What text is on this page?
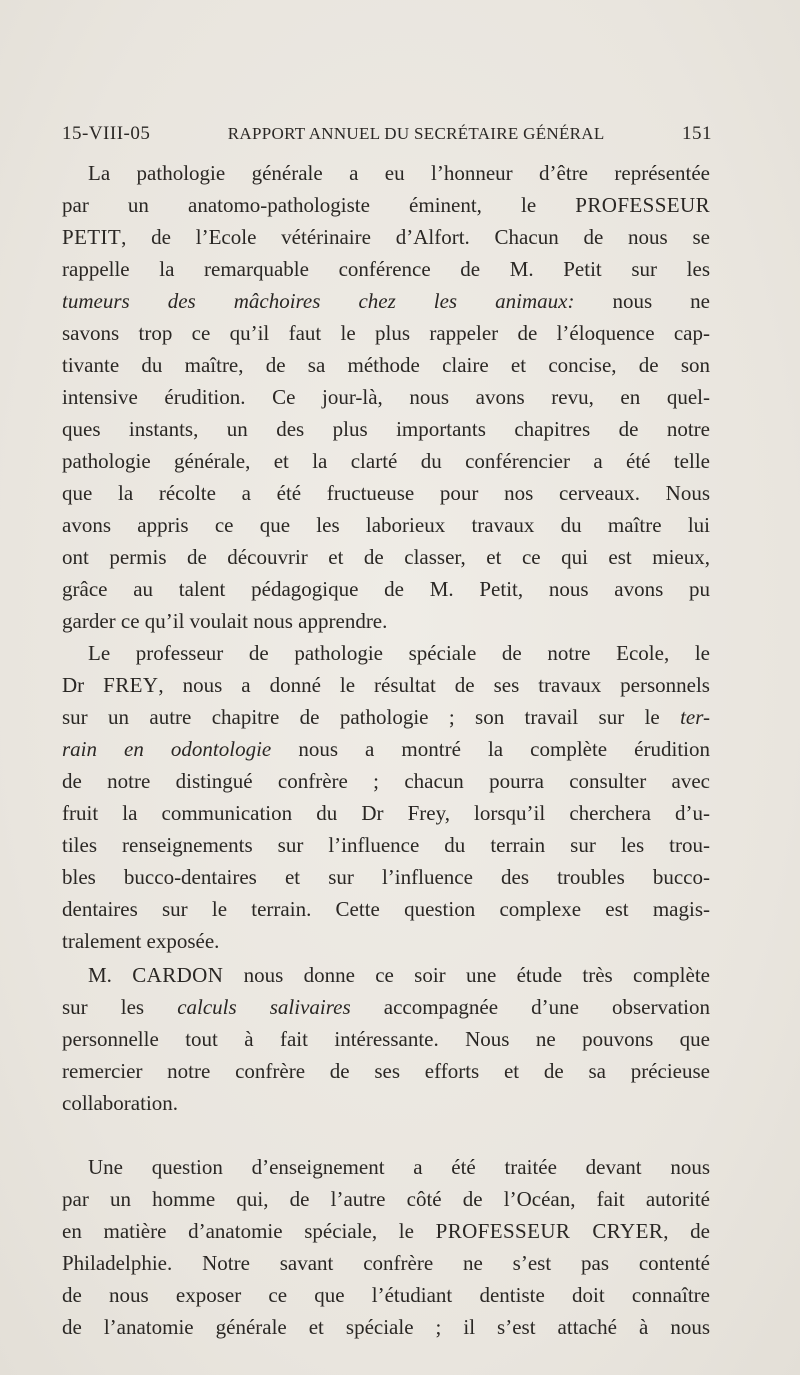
15-VIII-05	RAPPORT ANNUEL DU SECRÉTAIRE GÉNÉRAL	151
La pathologie générale a eu l’honneur d’être représentée
par un anatomo-pathologiste éminent, le PROFESSEUR
PETIT, de l’Ecole vétérinaire d’Alfort. Chacun de nous se
rappelle la remarquable conférence de M. Petit sur les
tumeurs des mâchoires chez les animaux: nous ne
savons trop ce qu’il faut le plus rappeler de l’éloquence cap-
tivante du maître, de sa méthode claire et concise, de son
intensive érudition. Ce jour-là, nous avons revu, en quel-
ques instants, un des plus importants chapitres de notre
pathologie générale, et la clarté du conférencier a été telle
que la récolte a été fructueuse pour nos cerveaux. Nous
avons appris ce que les laborieux travaux du maître lui
ont permis de découvrir et de classer, et ce qui est mieux,
grâce au talent pédagogique de M. Petit, nous avons pu
garder ce qu’il voulait nous apprendre.
Le professeur de pathologie spéciale de notre Ecole, le
Dr FREY, nous a donné le résultat de ses travaux personnels
sur un autre chapitre de pathologie ; son travail sur le ter-
rain en odontologie nous a montré la complète érudition
de notre distingué confrère ; chacun pourra consulter avec
fruit la communication du Dr Frey, lorsqu’il cherchera d’u-
tiles renseignements sur l’influence du terrain sur les trou-
bles bucco-dentaires et sur l’influence des troubles bucco-
dentaires sur le terrain. Cette question complexe est magis-
tralement exposée.
M. CARDON nous donne ce soir une étude très complète
sur les calculs salivaires accompagnée d’une observation
personnelle tout à fait intéressante. Nous ne pouvons que
remercier notre confrère de ses efforts et de sa précieuse
collaboration.
Une question d’enseignement a été traitée devant nous
par un homme qui, de l’autre côté de l’Océan, fait autorité
en matière d’anatomie spéciale, le PROFESSEUR CRYER, de
Philadelphie. Notre savant confrère ne s’est pas contenté
de nous exposer ce que l’étudiant dentiste doit connaître
de l’anatomie générale et spéciale ; il s’est attaché à nous
